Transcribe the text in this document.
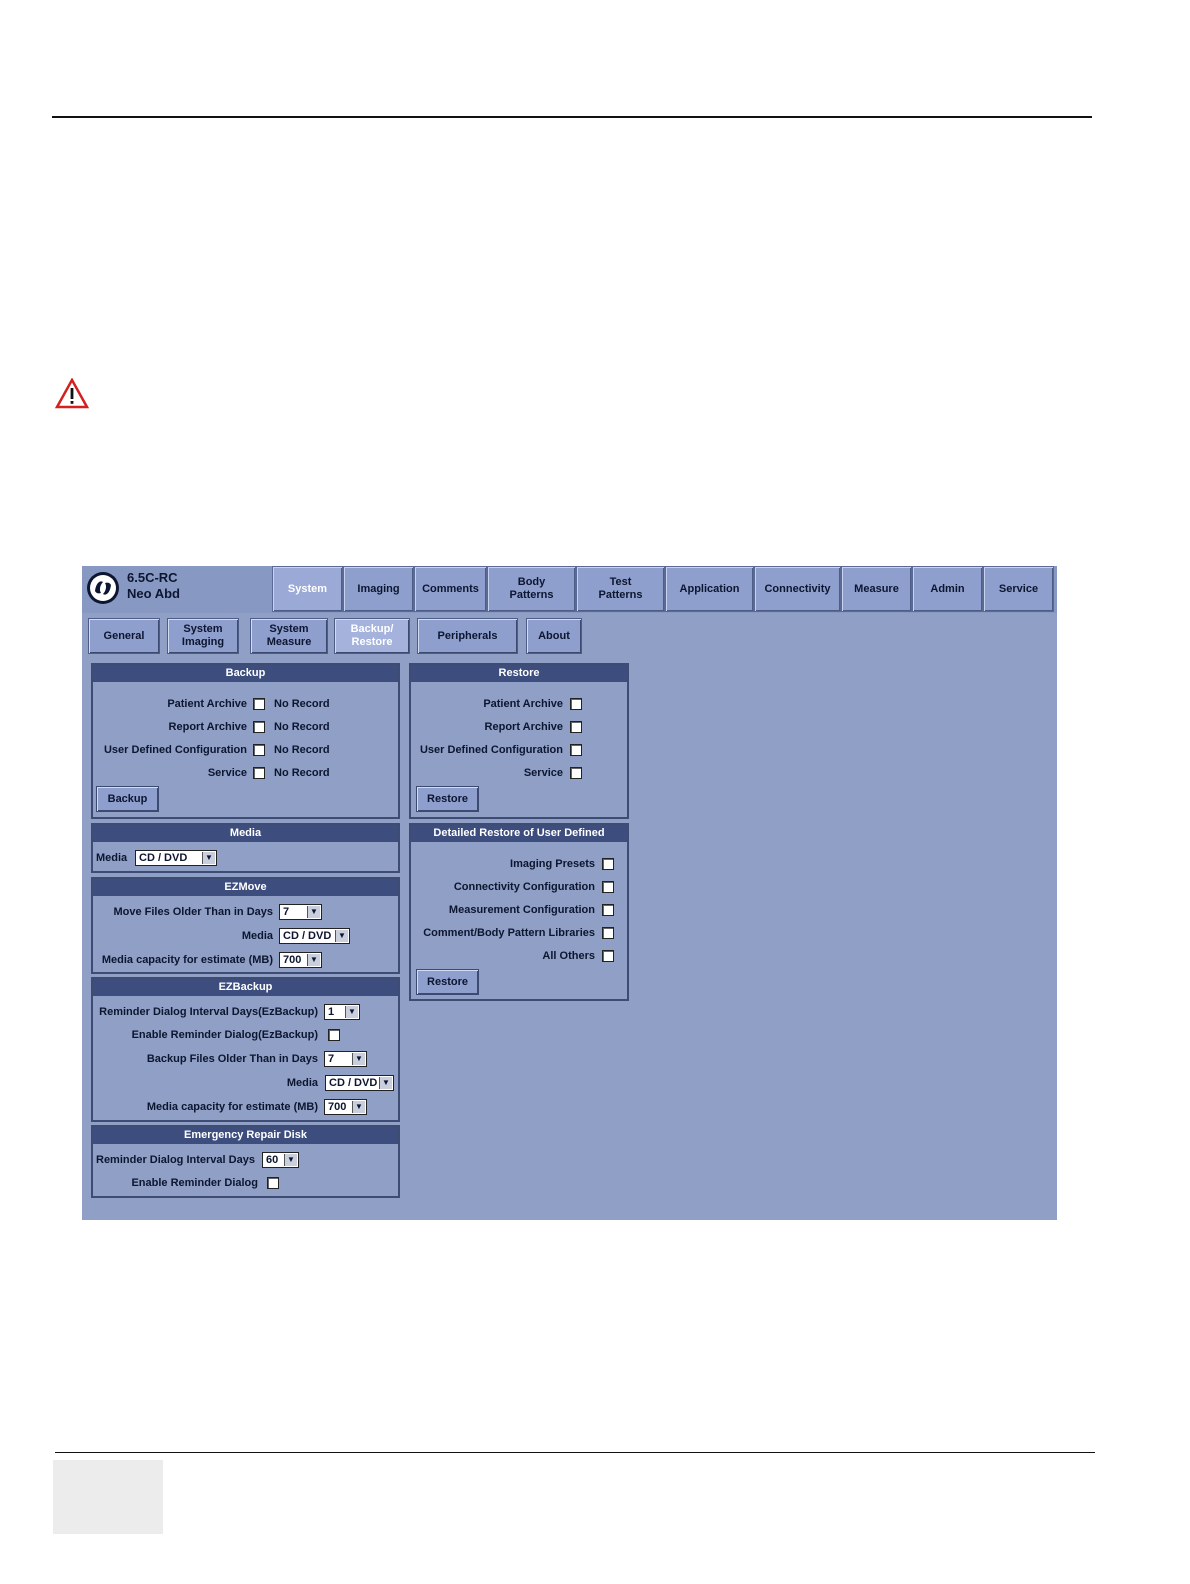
6.5C-RC
Neo Abd	System	Imaging	Comments
Body Patterns
Test Patterns
Application	Connectivity	Measure	Admin	Service
General
System Imaging
System Measure
Backup/ Restore
Peripherals	About
Backup
Patient Archive No Record
Report Archive No Record
User Defined Configuration No Record
Service No Record
Backup
Restore
Patient Archive
Report Archive
User Defined Configuration
Service
Restore
Media
Media	CD / DVD	▼
Detailed Restore of User Defined
Imaging Presets
Connectivity Configuration
Measurement Configuration
Comment/Body Pattern Libraries
All Others
Restore
EZMove
Move Files Older Than in Days 7	▼
Media CD / DVD ▼
Media capacity for estimate (MB) 700	▼
EZBackup
Reminder Dialog Interval Days(EzBackup) 1	▼
Enable Reminder Dialog(EzBackup)
Backup Files Older Than in Days 7	▼
Media	CD / DVD ▼
Media capacity for estimate (MB) 700	▼
Emergency Repair Disk
Reminder Dialog Interval Days	60	▼
Enable Reminder Dialog
